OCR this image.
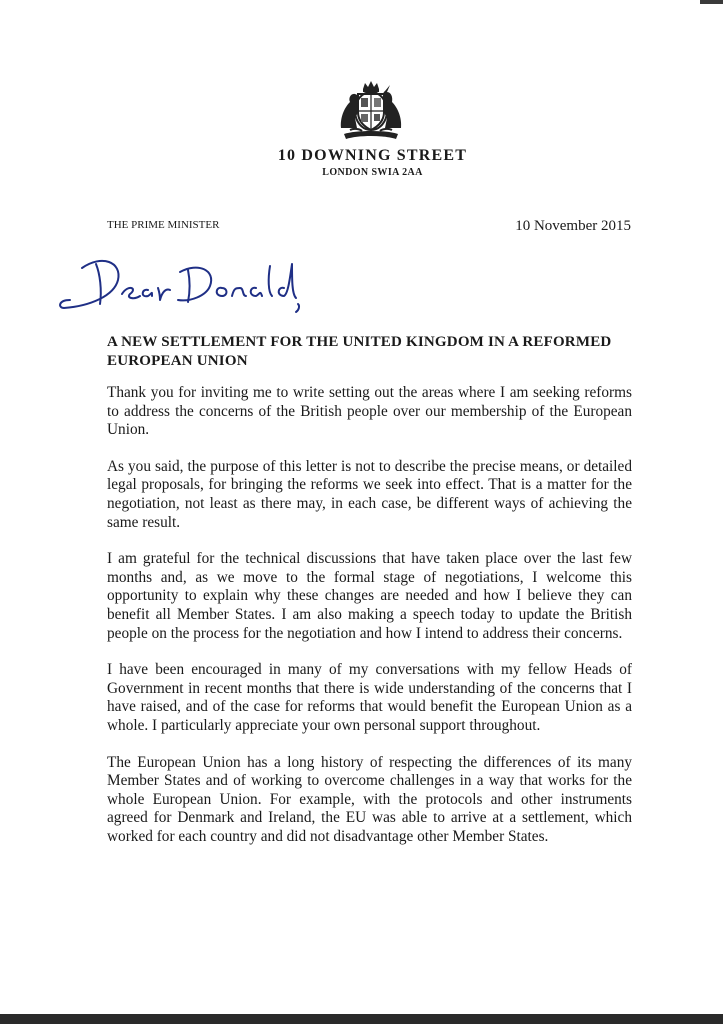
10 DOWNING STREET
LONDON SWIA 2AA
THE PRIME MINISTER	10 November 2015
A NEW SETTLEMENT FOR THE UNITED KINGDOM IN A REFORMED EUROPEAN UNION

Thank you for inviting me to write setting out the areas where I am seeking reforms to address the concerns of the British people over our membership of the European Union.

As you said, the purpose of this letter is not to describe the precise means, or detailed legal proposals, for bringing the reforms we seek into effect. That is a matter for the negotiation, not least as there may, in each case, be different ways of achieving the same result.

I am grateful for the technical discussions that have taken place over the last few months and, as we move to the formal stage of negotiations, I welcome this opportunity to explain why these changes are needed and how I believe they can benefit all Member States. I am also making a speech today to update the British people on the process for the negotiation and how I intend to address their concerns.

I have been encouraged in many of my conversations with my fellow Heads of Government in recent months that there is wide understanding of the concerns that I have raised, and of the case for reforms that would benefit the European Union as a whole. I particularly appreciate your own personal support throughout.

The European Union has a long history of respecting the differences of its many Member States and of working to overcome challenges in a way that works for the whole European Union. For example, with the protocols and other instruments agreed for Denmark and Ireland, the EU was able to arrive at a settlement, which worked for each country and did not disadvantage other Member States.
